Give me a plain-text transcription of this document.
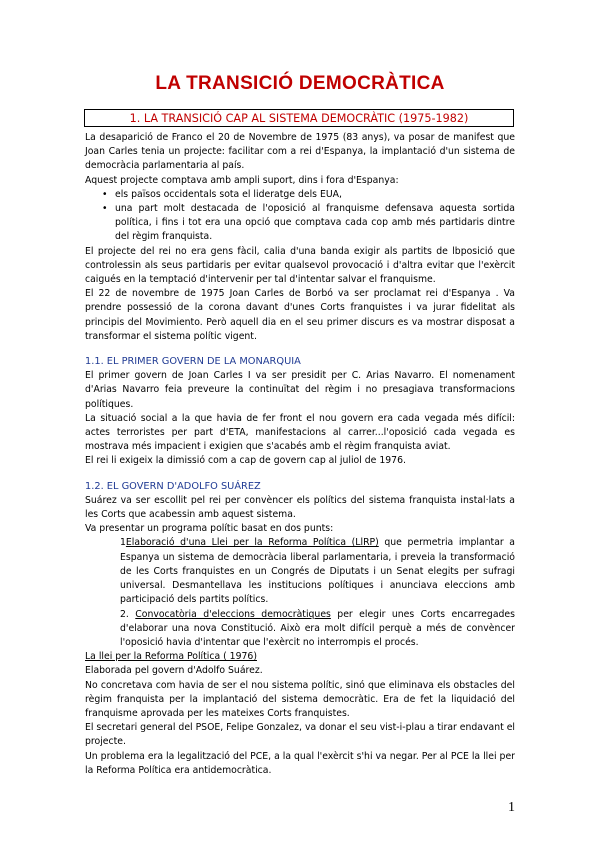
LA TRANSICIÓ DEMOCRÀTICA
1. LA TRANSICIÓ CAP AL SISTEMA DEMOCRÀTIC (1975-1982)

La desaparició de Franco el 20 de Novembre de 1975 (83 anys), va posar de manifest que Joan Carles tenia un projecte: facilitar com a rei d'Espanya, la implantació d'un sistema de democràcia parlamentaria al país.

Aquest projecte comptava amb ampli suport, dins i fora d'Espanya:

• els països occidentals sota el lideratge dels EUA,
• una part molt destacada de l'oposició al franquisme defensava aquesta sortida política, i fins i tot era una opció que comptava cada cop amb més partidaris dintre del règim franquista.

El projecte del rei no era gens fàcil, calia d'una banda exigir als partits de lbposició que controlessin als seus partidaris per evitar qualsevol provocació i d'altra evitar que l'exèrcit caigués en la temptació d'intervenir per tal d'intentar salvar el franquisme.

El 22 de novembre de 1975 Joan Carles de Borbó va ser proclamat rei d'Espanya . Va prendre possessió de la corona davant d'unes Corts franquistes i va jurar fidelitat als principis del Movimiento. Però aquell dia en el seu primer discurs es va mostrar disposat a transformar el sistema polític vigent.

1.1. EL PRIMER GOVERN DE LA MONARQUIA

El primer govern de Joan Carles I va ser presidit per C. Arias Navarro. El nomenament d'Arias Navarro feia preveure la continuïtat del règim i no presagiava transformacions polítiques.

La situació social a la que havia de fer front el nou govern era cada vegada més difícil: actes terroristes per part d'ETA, manifestacions al carrer...l'oposició cada vegada es mostrava més impacient i exigien que s'acabés amb el règim franquista aviat.

El rei li exigeix la dimissió com a cap de govern cap al juliol de 1976.

1.2. EL GOVERN D'ADOLFO SUÁREZ

Suárez va ser escollit pel rei per convèncer els polítics del sistema franquista instal·lats a les Corts que acabessin amb aquest sistema.

Va presentar un programa polític basat en dos punts:

1Elaboració d'una Llei per la Reforma Política (LlRP) que permetria implantar a Espanya un sistema de democràcia liberal parlamentaria, i preveia la transformació de les Corts franquistes en un Congrés de Diputats i un Senat elegits per sufragi universal. Desmantellava les institucions polítiques i anunciava eleccions amb participació dels partits polítics.

2. Convocatòria d'eleccions democràtiques per elegir unes Corts encarregades d'elaborar una nova Constitució. Això era molt difícil perquè a més de convèncer l'oposició havia d'intentar que l'exèrcit no interrompis el procés.

La llei per la Reforma Política ( 1976)

Elaborada pel govern d'Adolfo Suárez.

No concretava com havia de ser el nou sistema polític, sinó que eliminava els obstacles del règim franquista per la implantació del sistema democràtic. Era de fet la liquidació del franquisme aprovada per les mateixes Corts franquistes.

El secretari general del PSOE, Felipe Gonzalez, va donar el seu vist-i-plau a tirar endavant el projecte.

Un problema era la legalització del PCE, a la qual l'exèrcit s'hi va negar. Per al PCE la llei per la Reforma Política era antidemocràtica.

1
